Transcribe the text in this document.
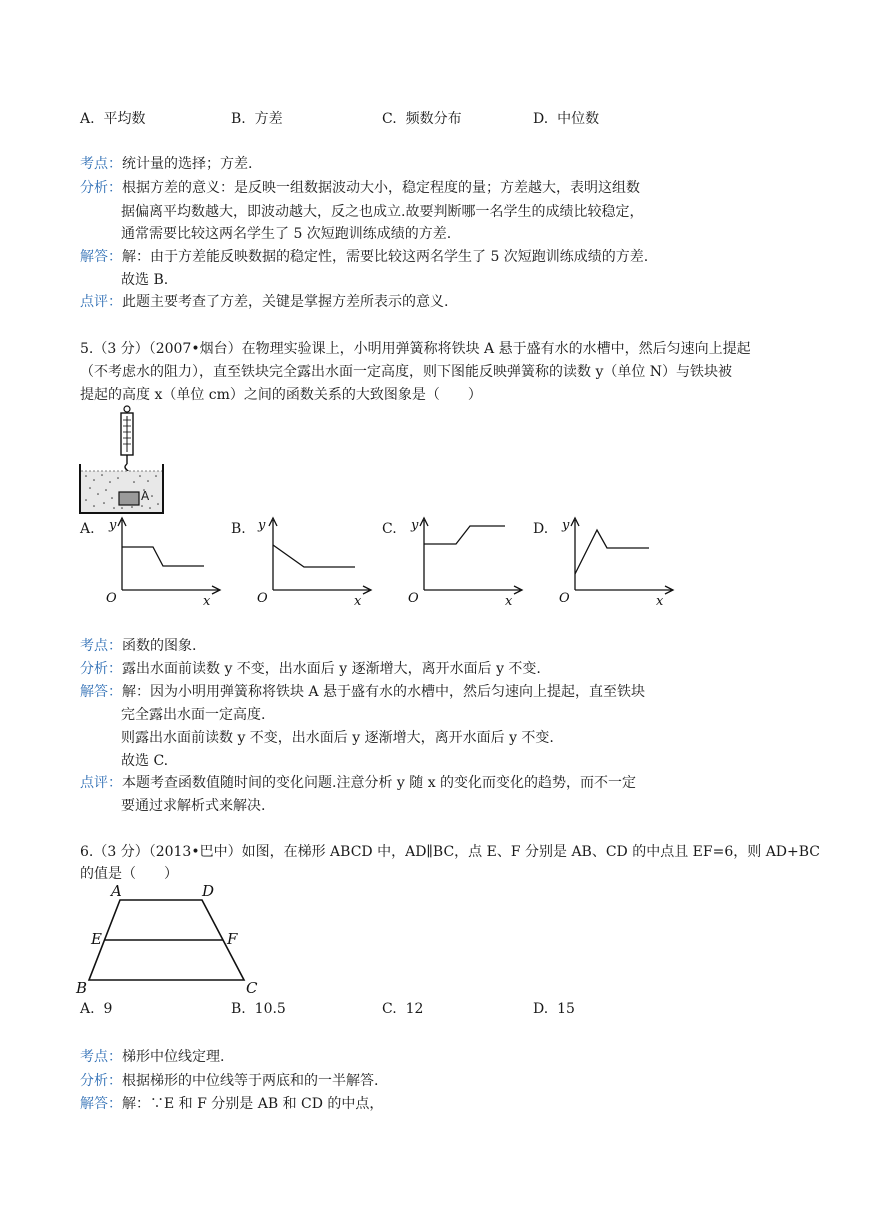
A. 平均数	B. 方差	C. 频数分布	D. 中位数
考点：统计量的选择；方差.
分析：根据方差的意义：是反映一组数据波动大小，稳定程度的量；方差越大，表明这组数
据偏离平均数越大，即波动越大，反之也成立.故要判断哪一名学生的成绩比较稳定，
通常需要比较这两名学生了 5 次短跑训练成绩的方差.
解答：解：由于方差能反映数据的稳定性，需要比较这两名学生了 5 次短跑训练成绩的方差.
故选 B.
点评：此题主要考查了方差，关键是掌握方差所表示的意义.
5.（3 分）（2007•烟台）在物理实验课上，小明用弹簧称将铁块 A 悬于盛有水的水槽中，然后匀速向上提起
（不考虑水的阻力），直至铁块完全露出水面一定高度，则下图能反映弹簧称的读数 y（单位 N）与铁块被
提起的高度 x（单位 cm）之间的函数关系的大致图象是（　　）
A
A.	B.	C.	D.
y
O	x
y
O	x
y
O	x
y
O	x
考点：函数的图象.
分析：露出水面前读数 y 不变，出水面后 y 逐渐增大，离开水面后 y 不变.
解答：解：因为小明用弹簧称将铁块 A 悬于盛有水的水槽中，然后匀速向上提起，直至铁块
完全露出水面一定高度.
则露出水面前读数 y 不变，出水面后 y 逐渐增大，离开水面后 y 不变.
故选 C.
点评：本题考查函数值随时间的变化问题.注意分析 y 随 x 的变化而变化的趋势，而不一定
要通过求解析式来解决.
6.（3 分）（2013•巴中）如图，在梯形 ABCD 中，AD∥BC，点 E、F 分别是 AB、CD 的中点且 EF=6，则 AD+BC
的值是（　　）
A	D
E	F
B	C
A. 9	B. 10.5	C. 12	D. 15
考点：梯形中位线定理.
分析：根据梯形的中位线等于两底和的一半解答.
解答：解：∵E 和 F 分别是 AB 和 CD 的中点，
